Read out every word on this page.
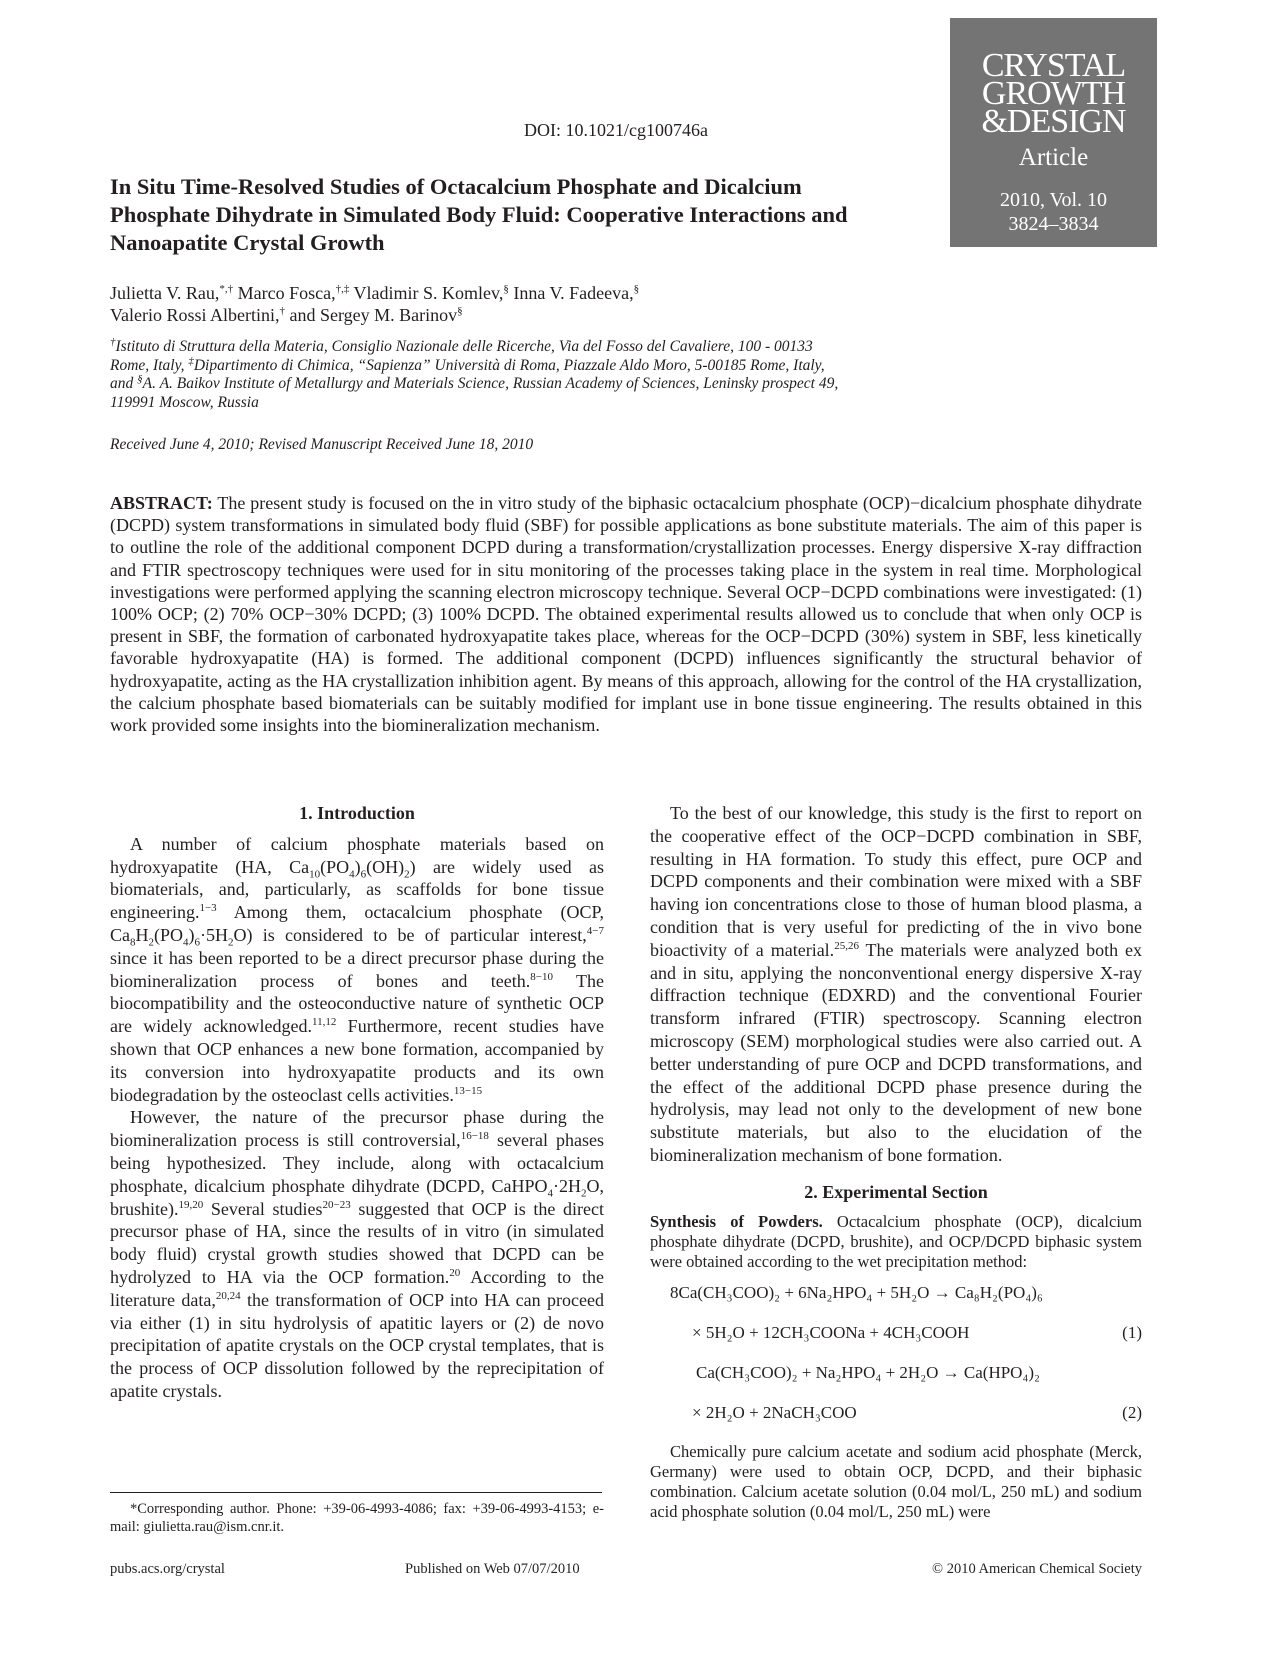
CRYSTAL
GROWTH
&DESIGN
Article
2010, Vol. 10
3824–3834
DOI: 10.1021/cg100746a
In Situ Time-Resolved Studies of Octacalcium Phosphate and Dicalcium Phosphate Dihydrate in Simulated Body Fluid: Cooperative Interactions and Nanoapatite Crystal Growth
Julietta V. Rau,*,† Marco Fosca,†,‡ Vladimir S. Komlev,§ Inna V. Fadeeva,§
Valerio Rossi Albertini,† and Sergey M. Barinov§
†Istituto di Struttura della Materia, Consiglio Nazionale delle Ricerche, Via del Fosso del Cavaliere, 100 - 00133 Rome, Italy, ‡Dipartimento di Chimica, “Sapienza” Università di Roma, Piazzale Aldo Moro, 5-00185 Rome, Italy, and §A. A. Baikov Institute of Metallurgy and Materials Science, Russian Academy of Sciences, Leninsky prospect 49, 119991 Moscow, Russia
Received June 4, 2010; Revised Manuscript Received June 18, 2010
ABSTRACT: The present study is focused on the in vitro study of the biphasic octacalcium phosphate (OCP)−dicalcium phosphate dihydrate (DCPD) system transformations in simulated body fluid (SBF) for possible applications as bone substitute materials. The aim of this paper is to outline the role of the additional component DCPD during a transformation/crystallization processes. Energy dispersive X-ray diffraction and FTIR spectroscopy techniques were used for in situ monitoring of the processes taking place in the system in real time. Morphological investigations were performed applying the scanning electron microscopy technique. Several OCP−DCPD combinations were investigated: (1) 100% OCP; (2) 70% OCP−30% DCPD; (3) 100% DCPD. The obtained experimental results allowed us to conclude that when only OCP is present in SBF, the formation of carbonated hydroxyapatite takes place, whereas for the OCP−DCPD (30%) system in SBF, less kinetically favorable hydroxyapatite (HA) is formed. The additional component (DCPD) influences significantly the structural behavior of hydroxyapatite, acting as the HA crystallization inhibition agent. By means of this approach, allowing for the control of the HA crystallization, the calcium phosphate based biomaterials can be suitably modified for implant use in bone tissue engineering. The results obtained in this work provided some insights into the biomineralization mechanism.
1. Introduction

A number of calcium phosphate materials based on hydroxyapatite (HA, $Ca_{10}(PO_4)_6(OH)_2$) are widely used as biomaterials, and, particularly, as scaffolds for bone tissue engineering.$^{1-3}$ Among them, octacalcium phosphate (OCP, $Ca_8H_2(PO_4)_6\cdot 5H_2O$) is considered to be of particular interest,$^{4-7}$ since it has been reported to be a direct precursor phase during the biomineralization process of bones and teeth.$^{8-10}$ The biocompatibility and the osteoconductive nature of synthetic OCP are widely acknowledged.$^{11,12}$ Furthermore, recent studies have shown that OCP enhances a new bone formation, accompanied by its conversion into hydroxyapatite products and its own biodegradation by the osteoclast cells activities.$^{13-15}$

However, the nature of the precursor phase during the biomineralization process is still controversial,$^{16-18}$ several phases being hypothesized. They include, along with octacalcium phosphate, dicalcium phosphate dihydrate (DCPD, $CaHPO_4\cdot 2H_2O$, brushite).$^{19,20}$ Several studies$^{20-23}$ suggested that OCP is the direct precursor phase of HA, since the results of in vitro (in simulated body fluid) crystal growth studies showed that DCPD can be hydrolyzed to HA via the OCP formation.$^{20}$ According to the literature data,$^{20,24}$ the transformation of OCP into HA can proceed via either (1) in situ hydrolysis of apatitic layers or (2) de novo precipitation of apatite crystals on the OCP crystal templates, that is the process of OCP dissolution followed by the reprecipitation of apatite crystals.

To the best of our knowledge, this study is the first to report on the cooperative effect of the OCP−DCPD combination in SBF, resulting in HA formation. To study this effect, pure OCP and DCPD components and their combination were mixed with a SBF having ion concentrations close to those of human blood plasma, a condition that is very useful for predicting of the in vivo bone bioactivity of a material.$^{25,26}$ The materials were analyzed both ex and in situ, applying the nonconventional energy dispersive X-ray diffraction technique (EDXRD) and the conventional Fourier transform infrared (FTIR) spectroscopy. Scanning electron microscopy (SEM) morphological studies were also carried out. A better understanding of pure OCP and DCPD transformations, and the effect of the additional DCPD phase presence during the hydrolysis, may lead not only to the development of new bone substitute materials, but also to the elucidation of the biomineralization mechanism of bone formation.

2. Experimental Section

Synthesis of Powders. Octacalcium phosphate (OCP), dicalcium phosphate dihydrate (DCPD, brushite), and OCP/DCPD biphasic system were obtained according to the wet precipitation method:

8Ca(CH₃COO)₂ + 6Na₂HPO₄ + 5H₂O → Ca₈H₂(PO₄)₆
× 5H₂O + 12CH₃COONa + 4CH₃COOH	(1)
Ca(CH₃COO)₂ + Na₂HPO₄ + 2H₂O → Ca(HPO₄)₂
× 2H₂O + 2NaCH₃COO	(2)

Chemically pure calcium acetate and sodium acid phosphate (Merck, Germany) were used to obtain OCP, DCPD, and their biphasic combination. Calcium acetate solution (0.04 mol/L, 250 mL) and sodium acid phosphate solution (0.04 mol/L, 250 mL) were

*Corresponding author. Phone: +39-06-4993-4086; fax: +39-06-4993-4153; e-mail: giulietta.rau@ism.cnr.it.
pubs.acs.org/crystal	Published on Web 07/07/2010	© 2010 American Chemical Society
